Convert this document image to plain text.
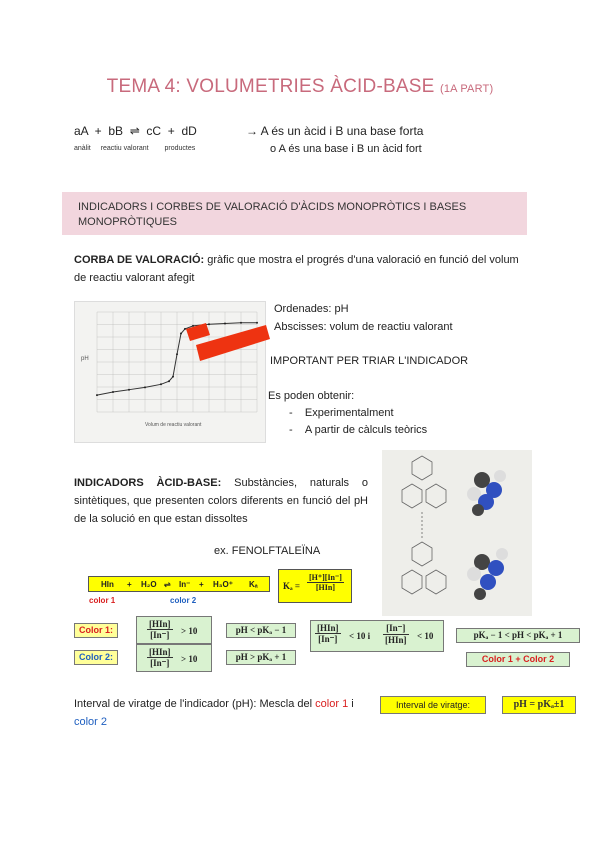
TEMA 4: VOLUMETRIES ÀCID-BASE (1A PART)
aA  +  bB  ⇌  cC  +  dD
anàlit reactiu valorant productes
→ A és un àcid i B una base forta
o A és una base i B un àcid fort
INDICADORS I CORBES DE VALORACIÓ D'ÀCIDS MONOPRÒTICS I BASES MONOPRÒTIQUES
CORBA DE VALORACIÓ: gràfic que mostra el progrés d'una valoració en funció del volum de reactiu valorant afegit
pH
Volum de reactiu valorant
Ordenades: pH
Abscisses: volum de reactiu valorant
IMPORTANT PER TRIAR L'INDICADOR
Es poden obtenir:
-    Experimentalment
-    A partir de càlculs teòrics
INDICADORS ÀCID-BASE: Substàncies, naturals o sintètiques, que presenten colors diferents en funció del pH de la solució en que estan dissoltes
ex. FENOLFTALEÏNA
HIn + H₂O ⇌ In⁻ + H₃O⁺ Kₐ	Kₐ =
[H⁺][In⁻]
[HIn]
color 1	color 2
Color 1:
[HIn]
[In⁻]	> 10	pH < pKₐ − 1
Color 2:	[HIn]
[In⁻]	> 10	pH > pKₐ + 1
[HIn]
[In⁻]	< 10 i
[In⁻]
[HIn] < 10	pKₐ − 1 < pH < pKₐ + 1
Color 1 + Color 2
Interval de viratge de l'indicador (pH): Mescla del color 1 i
color 2
Interval de viratge:	pH = pKₐ±1
